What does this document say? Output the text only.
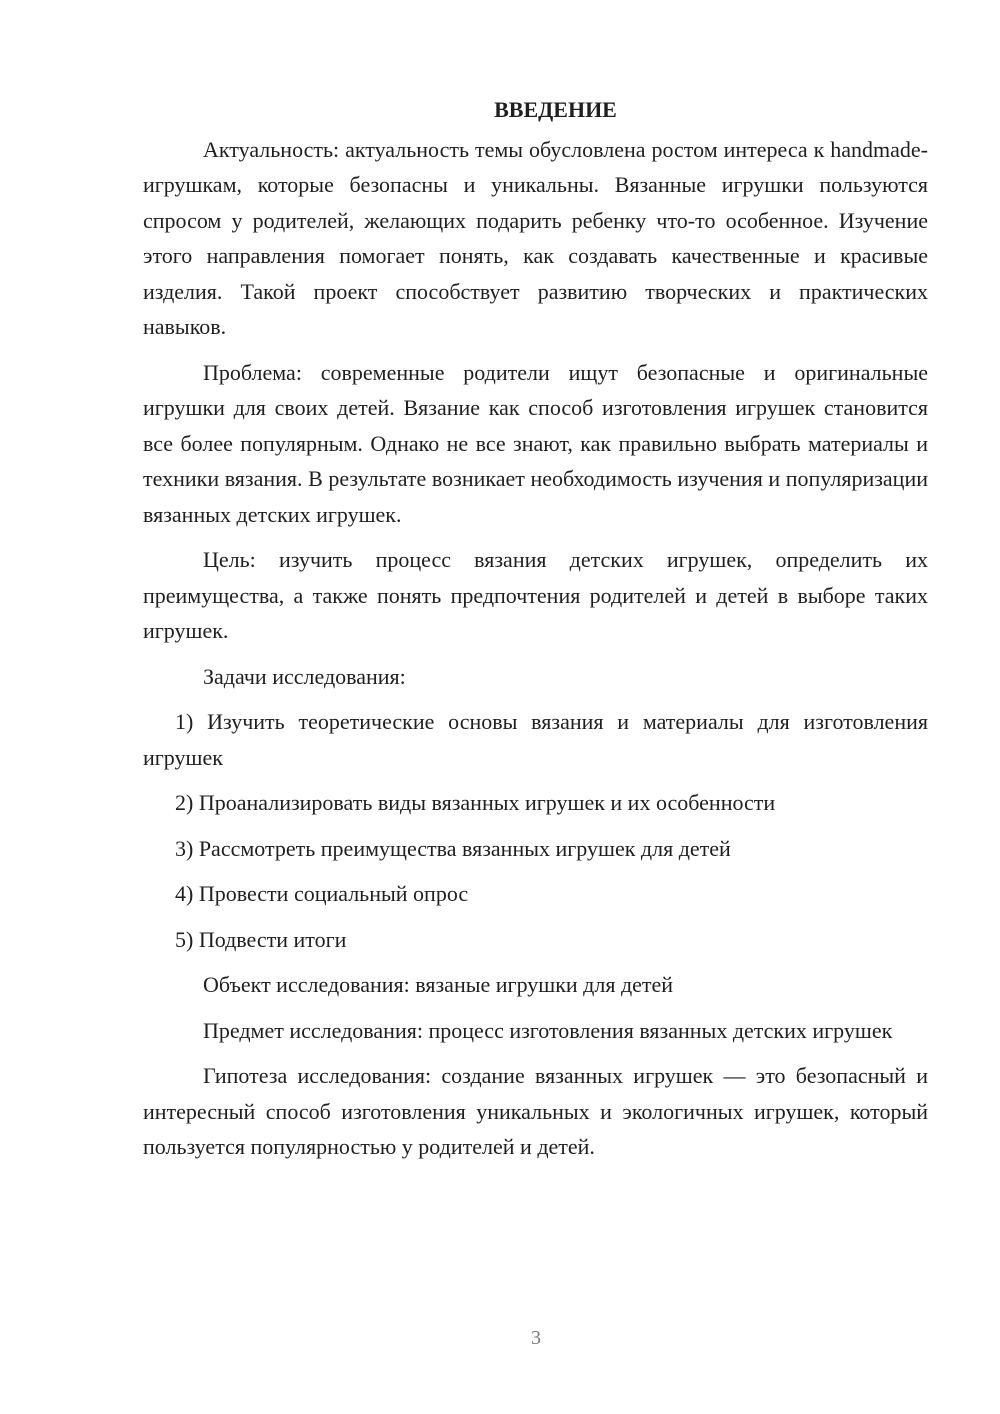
ВВЕДЕНИЕ

Актуальность: актуальность темы обусловлена ростом интереса к handmade-игрушкам, которые безопасны и уникальны. Вязанные игрушки пользуются спросом у родителей, желающих подарить ребенку что-то особенное. Изучение этого направления помогает понять, как создавать качественные и красивые изделия. Такой проект способствует развитию творческих и практических навыков.

Проблема: современные родители ищут безопасные и оригинальные игрушки для своих детей. Вязание как способ изготовления игрушек становится все более популярным. Однако не все знают, как правильно выбрать материалы и техники вязания. В результате возникает необходимость изучения и популяризации вязанных детских игрушек.

Цель: изучить процесс вязания детских игрушек, определить их преимущества, а также понять предпочтения родителей и детей в выборе таких игрушек.

Задачи исследования:

1) Изучить теоретические основы вязания и материалы для изготовления игрушек
2) Проанализировать виды вязанных игрушек и их особенности
3) Рассмотреть преимущества вязанных игрушек для детей
4) Провести социальный опрос
5) Подвести итоги

Объект исследования: вязаные игрушки для детей

Предмет исследования: процесс изготовления вязанных детских игрушек

Гипотеза исследования: создание вязанных игрушек — это безопасный и интересный способ изготовления уникальных и экологичных игрушек, который пользуется популярностью у родителей и детей.

3
